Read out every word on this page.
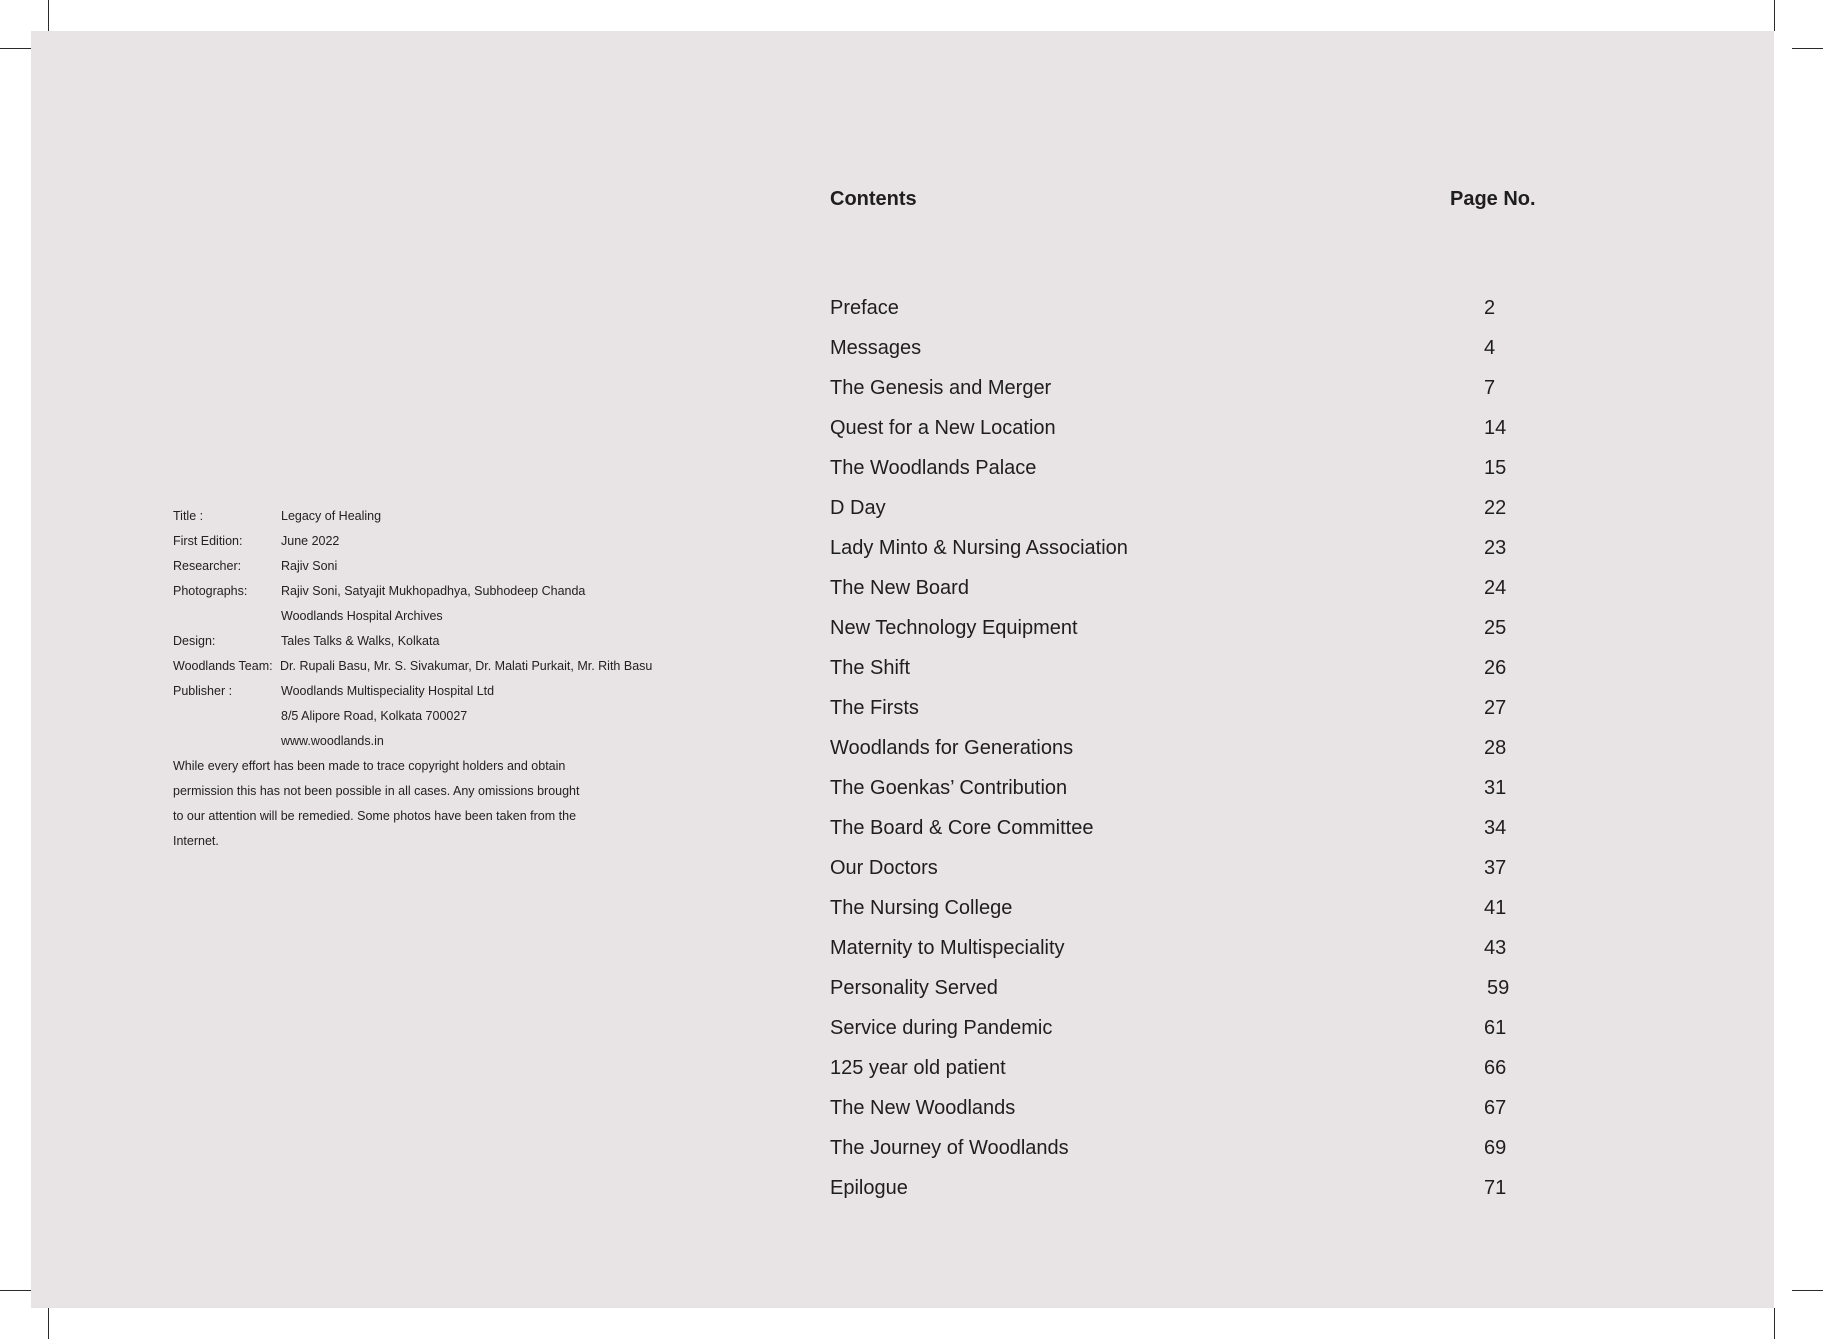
Title :	Legacy of Healing
First Edition:	June 2022
Researcher:	Rajiv Soni
Photographs:	Rajiv Soni, Satyajit Mukhopadhya, Subhodeep Chanda
Woodlands Hospital Archives
Design:	Tales Talks & Walks, Kolkata
Woodlands Team: Dr. Rupali Basu, Mr. S. Sivakumar, Dr. Malati Purkait, Mr. Rith Basu
Publisher :	Woodlands Multispeciality Hospital Ltd
8/5 Alipore Road, Kolkata 700027
www.woodlands.in
While every effort has been made to trace copyright holders and obtain
permission this has not been possible in all cases. Any omissions brought
to our attention will be remedied. Some photos have been taken from the
Internet.
Contents	Page No.
Preface	2
Messages	4
The Genesis and Merger	7
Quest for a New Location	14
The Woodlands Palace	15
D Day	22
Lady Minto & Nursing Association	23
The New Board	24
New Technology Equipment	25
The Shift	26
The Firsts	27
Woodlands for Generations	28
The Goenkas’ Contribution	31
The Board & Core Committee	34
Our Doctors	37
The Nursing College	41
Maternity to Multispeciality	43
Personality Served	59
Service during Pandemic	61
125 year old patient	66
The New Woodlands	67
The Journey of Woodlands	69
Epilogue	71
